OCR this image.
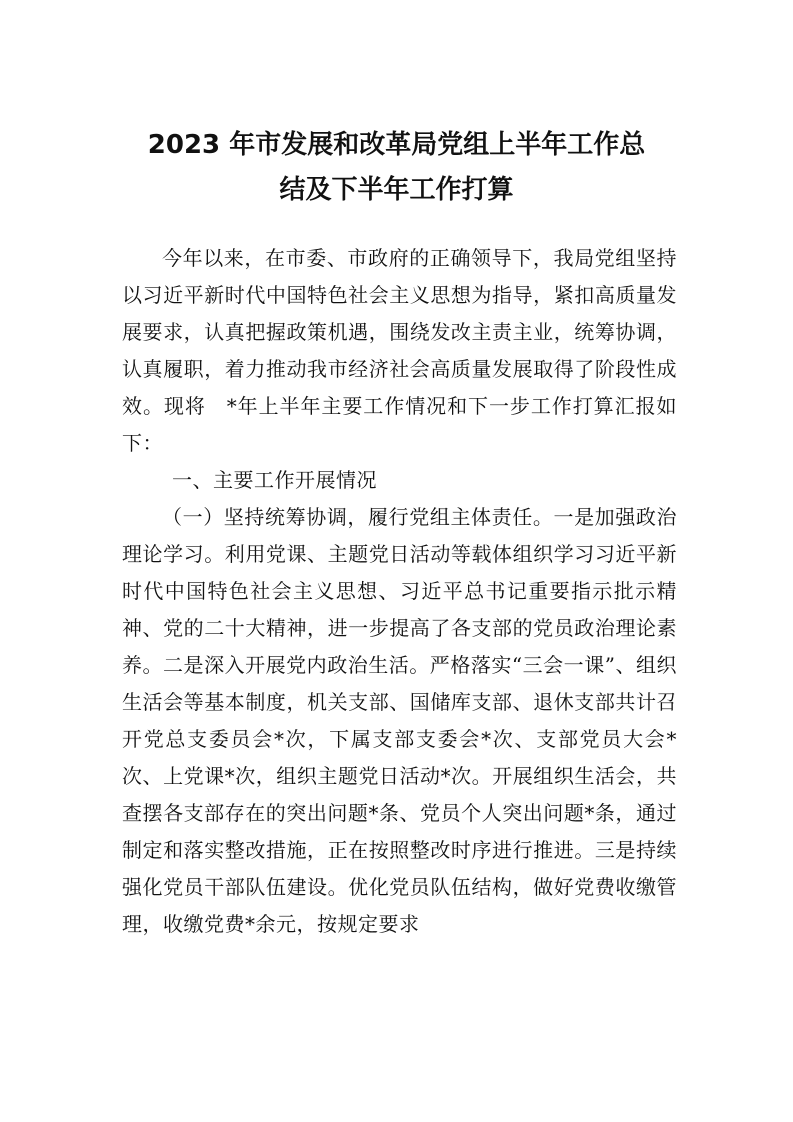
2023 年市发展和改革局党组上半年工作总
结及下半年工作打算

今年以来，在市委、市政府的正确领导下，我局党组坚持以习近平新时代中国特色社会主义思想为指导，紧扣高质量发展要求，认真把握政策机遇，围绕发改主责主业，统筹协调，认真履职，着力推动我市经济社会高质量发展取得了阶段性成效。现将　*年上半年主要工作情况和下一步工作打算汇报如下：

一、主要工作开展情况

（一）坚持统筹协调，履行党组主体责任。一是加强政治理论学习。利用党课、主题党日活动等载体组织学习习近平新时代中国特色社会主义思想、习近平总书记重要指示批示精神、党的二十大精神，进一步提高了各支部的党员政治理论素养。二是深入开展党内政治生活。严格落实“三会一课”、组织生活会等基本制度，机关支部、国储库支部、退休支部共计召开党总支委员会*次，下属支部支委会*次、支部党员大会*次、上党课*次，组织主题党日活动*次。开展组织生活会，共查摆各支部存在的突出问题*条、党员个人突出问题*条，通过制定和落实整改措施，正在按照整改时序进行推进。三是持续强化党员干部队伍建设。优化党员队伍结构，做好党费收缴管理，收缴党费*余元，按规定要求
